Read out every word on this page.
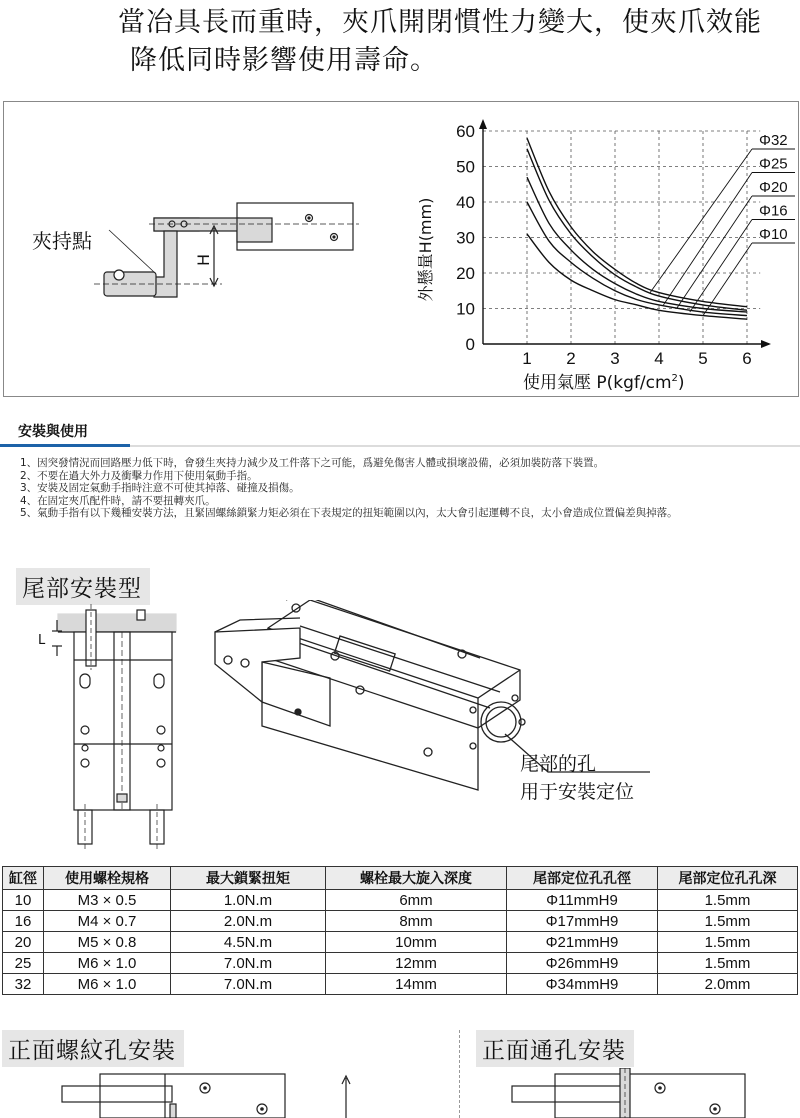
當冶具長而重時，夾爪開閉慣性力變大，使夾爪效能
降低同時影響使用壽命。
夾持點
H
0
10
20
30
40
50
60
1 2 3 4 5 6
外懸量H(mm)
使用氣壓 $P(kgf/cm^2)$
Φ32
Φ25
Φ20
Φ16
Φ10
安裝與使用
1、因突發情況而回路壓力低下時，會發生夾持力減少及工件落下之可能，爲避免傷害人體或損壞設備，必須加裝防落下裝置。
2、不要在過大外力及衝擊力作用下使用氣動手指。
3、安裝及固定氣動手指時注意不可使其掉落、碰撞及損傷。
4、在固定夾爪配件時，請不要扭轉夾爪。
5、氣動手指有以下幾種安裝方法，且緊固螺絲鎖緊力矩必須在下表規定的扭矩範圍以內，太大會引起運轉不良，太小會造成位置偏差與掉落。
尾部安裝型
L
尾部的孔
用于安裝定位
缸徑	使用螺栓規格	最大鎖緊扭矩	螺栓最大旋入深度	尾部定位孔孔徑	尾部定位孔孔深
10	M3 × 0.5	1.0N.m	6mm	Φ11mmH9	1.5mm
16	M4 × 0.7	2.0N.m	8mm	Φ17mmH9	1.5mm
20	M5 × 0.8	4.5N.m	10mm	Φ21mmH9	1.5mm
25	M6 × 1.0	7.0N.m	12mm	Φ26mmH9	1.5mm
32	M6 × 1.0	7.0N.m	14mm	Φ34mmH9	2.0mm
正面螺紋孔安裝	正面通孔安裝
